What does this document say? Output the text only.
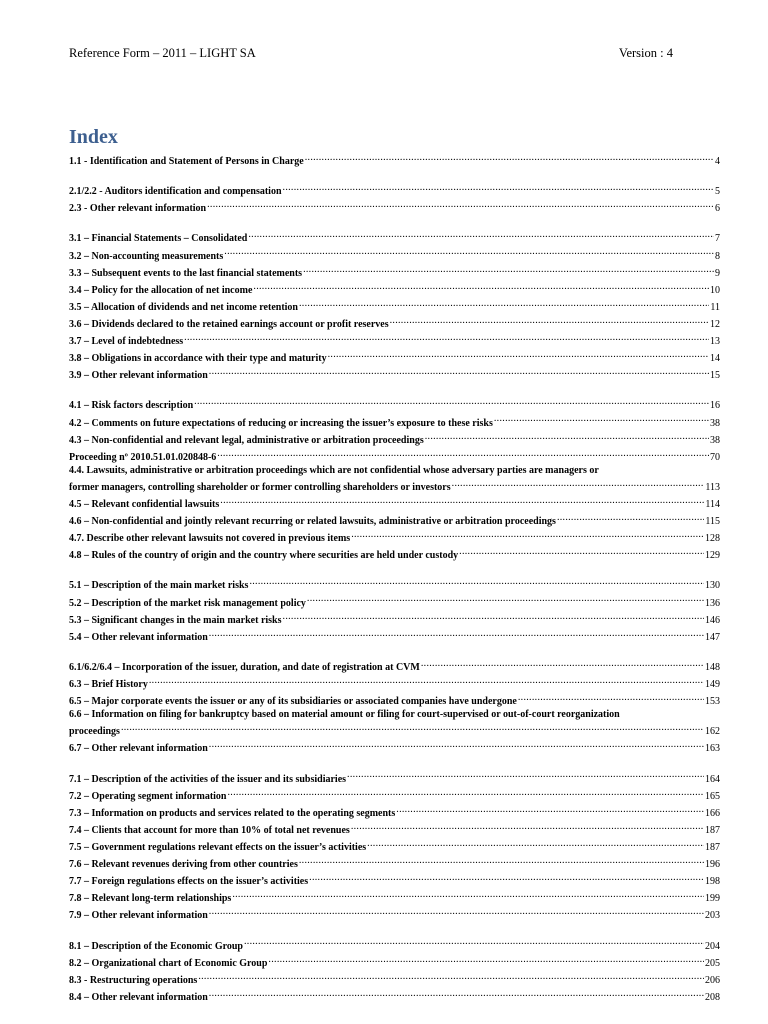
Reference Form – 2011 – LIGHT SA	Version : 4
Index
1.1 - Identification and Statement of Persons in Charge .....	4
2.1/2.2 - Auditors identification and compensation .....	5
2.3 - Other relevant information .....	6
3.1 – Financial Statements – Consolidated .....	7
3.2 – Non-accounting measurements .....	8
3.3 – Subsequent events to the last financial statements .....	9
3.4 – Policy for the allocation of net income .....	10
3.5 – Allocation of dividends and net income retention .....	11
3.6 – Dividends declared to the retained earnings account or profit reserves .....	12
3.7 – Level of indebtedness .....	13
3.8 – Obligations in accordance with their type and maturity .....	14
3.9 – Other relevant information .....	15
4.1 – Risk factors description .....	16
4.2 – Comments on future expectations of reducing or increasing the issuer’s exposure to these risks .....	38
4.3 – Non-confidential and relevant legal, administrative or arbitration proceedings .....	38
Proceeding nº 2010.51.01.020848-6 .....	70
4.4. Lawsuits, administrative or arbitration proceedings which are not confidential whose adversary parties are managers or
former managers, controlling shareholder or former controlling shareholders or investors .....	113
4.5 – Relevant confidential lawsuits .....	114
4.6 – Non-confidential and jointly relevant recurring or related lawsuits, administrative or arbitration proceedings .....	115
4.7. Describe other relevant lawsuits not covered in previous items .....	128
4.8 – Rules of the country of origin and the country where securities are held under custody .....	129
5.1 – Description of the main market risks .....	130
5.2 – Description of the market risk management policy .....	136
5.3 – Significant changes in the main market risks .....	146
5.4 – Other relevant information .....	147
6.1/6.2/6.4 – Incorporation of the issuer, duration, and date of registration at CVM .....	148
6.3 – Brief History .....	149
6.5 – Major corporate events the issuer or any of its subsidiaries or associated companies have undergone .....	153
6.6 – Information on filing for bankruptcy based on material amount or filing for court-supervised or out-of-court reorganization
proceedings .....	162
6.7 – Other relevant information .....	163
7.1 – Description of the activities of the issuer and its subsidiaries .....	164
7.2 – Operating segment information .....	165
7.3 – Information on products and services related to the operating segments .....	166
7.4 – Clients that account for more than 10% of total net revenues .....	187
7.5 – Government regulations relevant effects on the issuer’s activities .....	187
7.6 – Relevant revenues deriving from other countries .....	196
7.7 – Foreign regulations effects on the issuer’s activities .....	198
7.8 – Relevant long-term relationships .....	199
7.9 – Other relevant information .....	203
8.1 – Description of the Economic Group .....	204
8.2 – Organizational chart of Economic Group .....	205
8.3 - Restructuring operations .....	206
8.4 – Other relevant information .....	208
